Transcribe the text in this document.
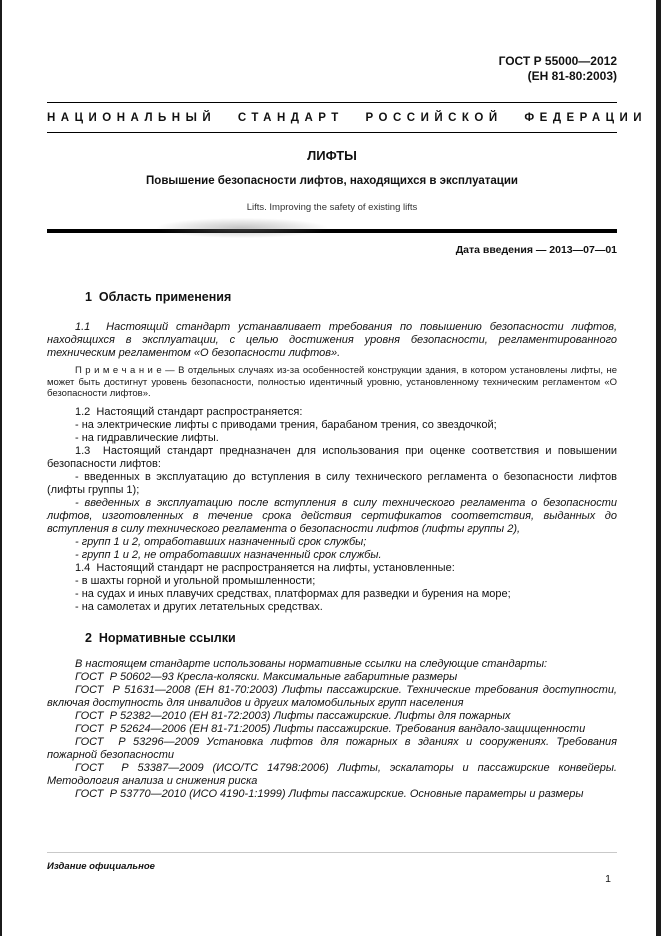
ГОСТ Р 55000—2012
(ЕН 81-80:2003)
НАЦИОНАЛЬНЫЙ СТАНДАРТ РОССИЙСКОЙ ФЕДЕРАЦИИ
ЛИФТЫ
Повышение безопасности лифтов, находящихся в эксплуатации
Lifts. Improving the safety of existing lifts
Дата введения — 2013—07—01
1  Область применения

1.1  Настоящий стандарт устанавливает требования по повышению безопасности лифтов, находящихся в эксплуатации, с целью достижения уровня безопасности, регламентированного техническим регламентом «О безопасности лифтов».

П р и м е ч а н и е — В отдельных случаях из-за особенностей конструкции здания, в котором установлены лифты, не может быть достигнут уровень безопасности, полностью идентичный уровню, установленному техническим регламентом «О безопасности лифтов».

1.2  Настоящий стандарт распространяется:

- на электрические лифты с приводами трения, барабаном трения, со звездочкой;

- на гидравлические лифты.

1.3  Настоящий стандарт предназначен для использования при оценке соответствия и повышении безопасности лифтов:

- введенных в эксплуатацию до вступления в силу технического регламента о безопасности лифтов (лифты группы 1);

- введенных в эксплуатацию после вступления в силу технического регламента о безопасности лифтов, изготовленных в течение срока действия сертификатов соответствия, выданных до вступления в силу технического регламента о безопасности лифтов (лифты группы 2),

- групп 1 и 2, отработавших назначенный срок службы;

- групп 1 и 2, не отработавших назначенный срок службы.

1.4  Настоящий стандарт не распространяется на лифты, установленные:

- в шахты горной и угольной промышленности;

- на судах и иных плавучих средствах, платформах для разведки и бурения на море;

- на самолетах и других летательных средствах.

2  Нормативные ссылки

В настоящем стандарте использованы нормативные ссылки на следующие стандарты:

ГОСТ  Р 50602—93 Кресла-коляски. Максимальные габаритные размеры

ГОСТ  Р 51631—2008 (ЕН 81-70:2003) Лифты пассажирские. Технические требования доступности, включая доступность для инвалидов и других маломобильных групп населения

ГОСТ  Р 52382—2010 (ЕН 81-72:2003) Лифты пассажирские. Лифты для пожарных

ГОСТ  Р 52624—2006 (ЕН 81-71:2005) Лифты пассажирские. Требования вандало-защищенности

ГОСТ  Р 53296—2009 Установка лифтов для пожарных в зданиях и сооружениях. Требования пожарной безопасности

ГОСТ  Р 53387—2009 (ИСО/ТС 14798:2006) Лифты, эскалаторы и пассажирские конвейеры. Методология анализа и снижения риска

ГОСТ  Р 53770—2010 (ИСО 4190-1:1999) Лифты пассажирские. Основные параметры и размеры

Издание официальное
1
